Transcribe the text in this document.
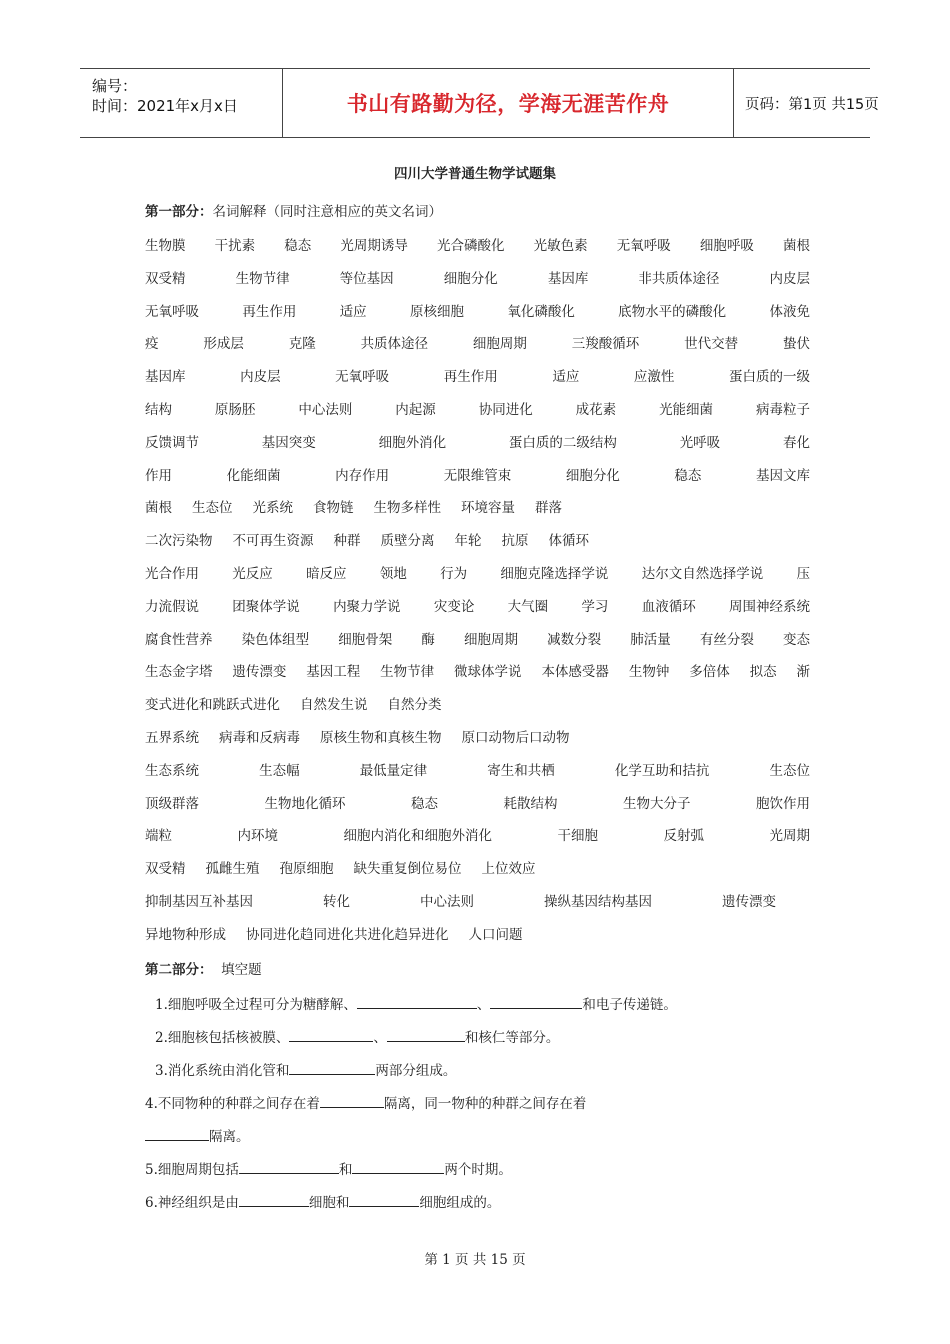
编号：
时间：2021年x月x日	书山有路勤为径，学海无涯苦作舟	页码：第1页 共15页
四川大学普通生物学试题集
第一部分：名词解释（同时注意相应的英文名词）
生物膜 干扰素 稳态 光周期诱导 光合磷酸化 光敏色素 无氧呼吸 细胞呼吸 菌根
双受精	生物节律	等位基因	细胞分化	基因库	非共质体途径	内皮层
无氧呼吸	再生作用	适应	原核细胞	氧化磷酸化	底物水平的磷酸化	体液免
疫	形成层	克隆	共质体途径	细胞周期	三羧酸循环	世代交替	蛰伏
基因库	内皮层	无氧呼吸	再生作用	适应	应激性	蛋白质的一级
结构	原肠胚	中心法则	内起源	协同进化	成花素	光能细菌	病毒粒子
反馈调节	基因突变	细胞外消化	蛋白质的二级结构	光呼吸	春化
作用	化能细菌	内存作用	无限维管束	细胞分化	稳态	基因文库
菌根 生态位 光系统 食物链 生物多样性 环境容量 群落
二次污染物 不可再生资源 种群 质壁分离 年轮 抗原 体循环
光合作用 光反应 暗反应 领地 行为 细胞克隆选择学说 达尔文自然选择学说 压
力流假说 团聚体学说 内聚力学说 灾变论 大气圈 学习 血液循环 周围神经系统
腐食性营养 染色体组型 细胞骨架 酶 细胞周期 减数分裂 肺活量 有丝分裂 变态
生态金字塔 遗传漂变 基因工程 生物节律 微球体学说 本体感受器 生物钟 多倍体 拟态 渐
变式进化和跳跃式进化 自然发生说 自然分类
五界系统 病毒和反病毒 原核生物和真核生物 原口动物后口动物
生态系统	生态幅	最低量定律	寄生和共栖	化学互助和拮抗	生态位
顶级群落	生物地化循环	稳态	耗散结构	生物大分子	胞饮作用
端粒	内环境	细胞内消化和细胞外消化	干细胞	反射弧	光周期
双受精 孤雌生殖 孢原细胞 缺失重复倒位易位 上位效应
抑制基因互补基因	转化	中心法则	操纵基因结构基因	遗传漂变
异地物种形成 协同进化趋同进化共进化趋异进化 人口问题
第二部分： 填空题
1.细胞呼吸全过程可分为糖酵解、	、	和电子传递链。
2.细胞核包括核被膜、	、	和核仁等部分。
3.消化系统由消化管和	两部分组成。
4.不同物种的种群之间存在着	隔离，同一物种的种群之间存在着
隔离。
5.细胞周期包括	和	两个时期。
6.神经组织是由	细胞和	细胞组成的。
第 1 页 共 15 页
